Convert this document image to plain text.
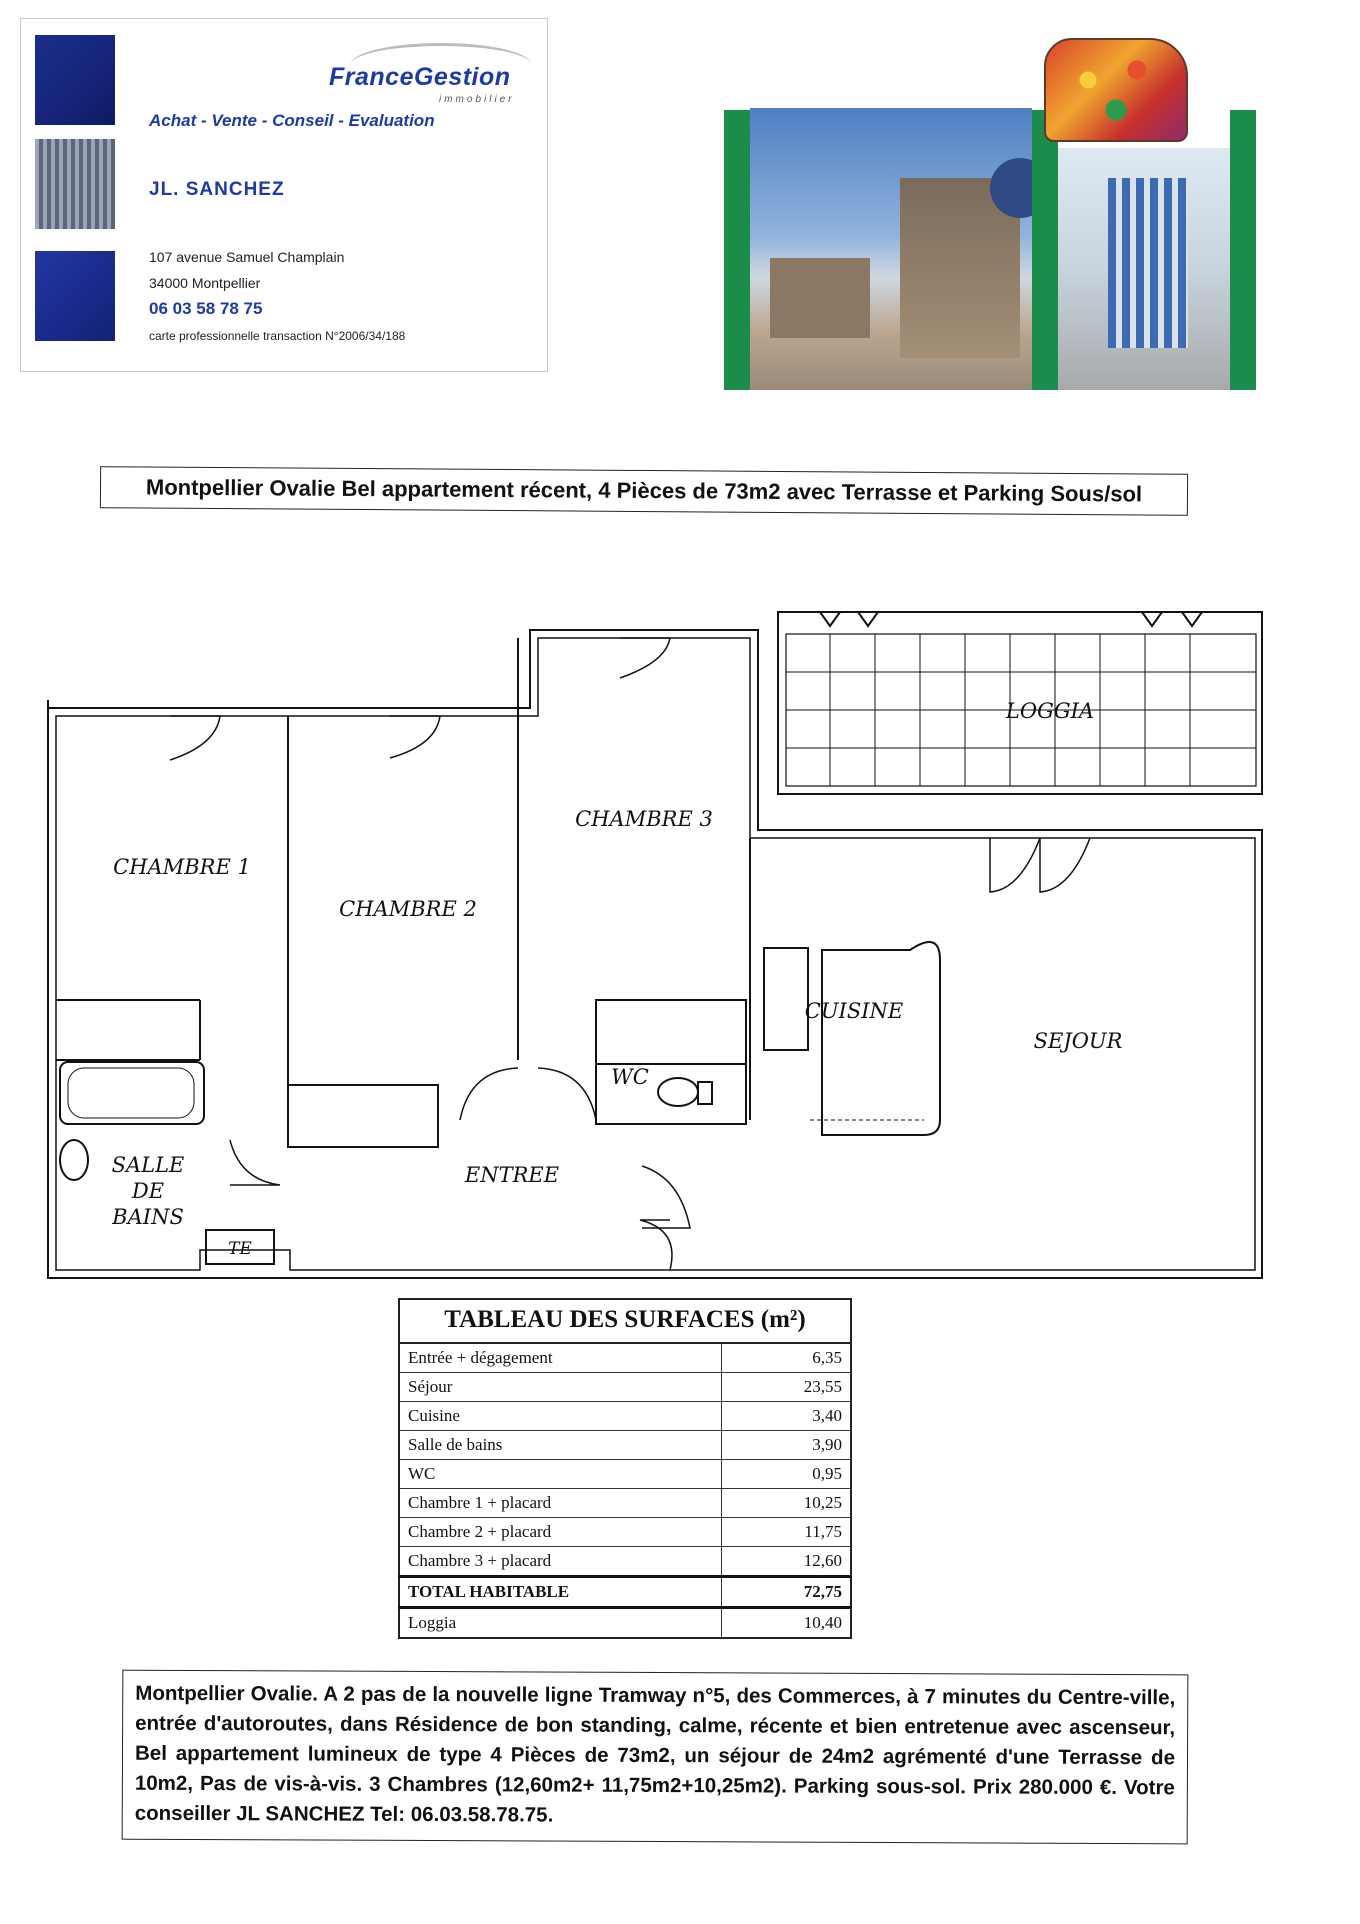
FranceGestion
immobilier
Achat - Vente - Conseil - Evaluation
JL. SANCHEZ
107 avenue Samuel Champlain
34000 Montpellier
06 03 58 78 75
carte professionnelle transaction N°2006/34/188
Montpellier Ovalie Bel appartement récent, 4 Pièces de 73m2 avec Terrasse et Parking Sous/sol
LOGGIA
CHAMBRE 1
CHAMBRE 2
CHAMBRE 3
CUISINE
SEJOUR
WC
SALLE
DE
BAINS
ENTREE
TE
TABLEAU DES SURFACES (m²)
Entrée + dégagement	6,35
Séjour	23,55
Cuisine	3,40
Salle de bains	3,90
WC	0,95
Chambre 1 + placard	10,25
Chambre 2 + placard	11,75
Chambre 3 + placard	12,60
TOTAL HABITABLE	72,75
Loggia	10,40
Montpellier Ovalie. A 2 pas de la nouvelle ligne Tramway n°5, des Commerces, à 7 minutes du Centre-ville, entrée d'autoroutes, dans Résidence de bon standing, calme, récente et bien entretenue avec ascenseur, Bel appartement lumineux de type 4 Pièces de 73m2, un séjour de 24m2 agrémenté d'une Terrasse de 10m2, Pas de vis-à-vis. 3 Chambres (12,60m2+ 11,75m2+10,25m2). Parking sous-sol. Prix 280.000 €. Votre conseiller JL SANCHEZ Tel: 06.03.58.78.75.
